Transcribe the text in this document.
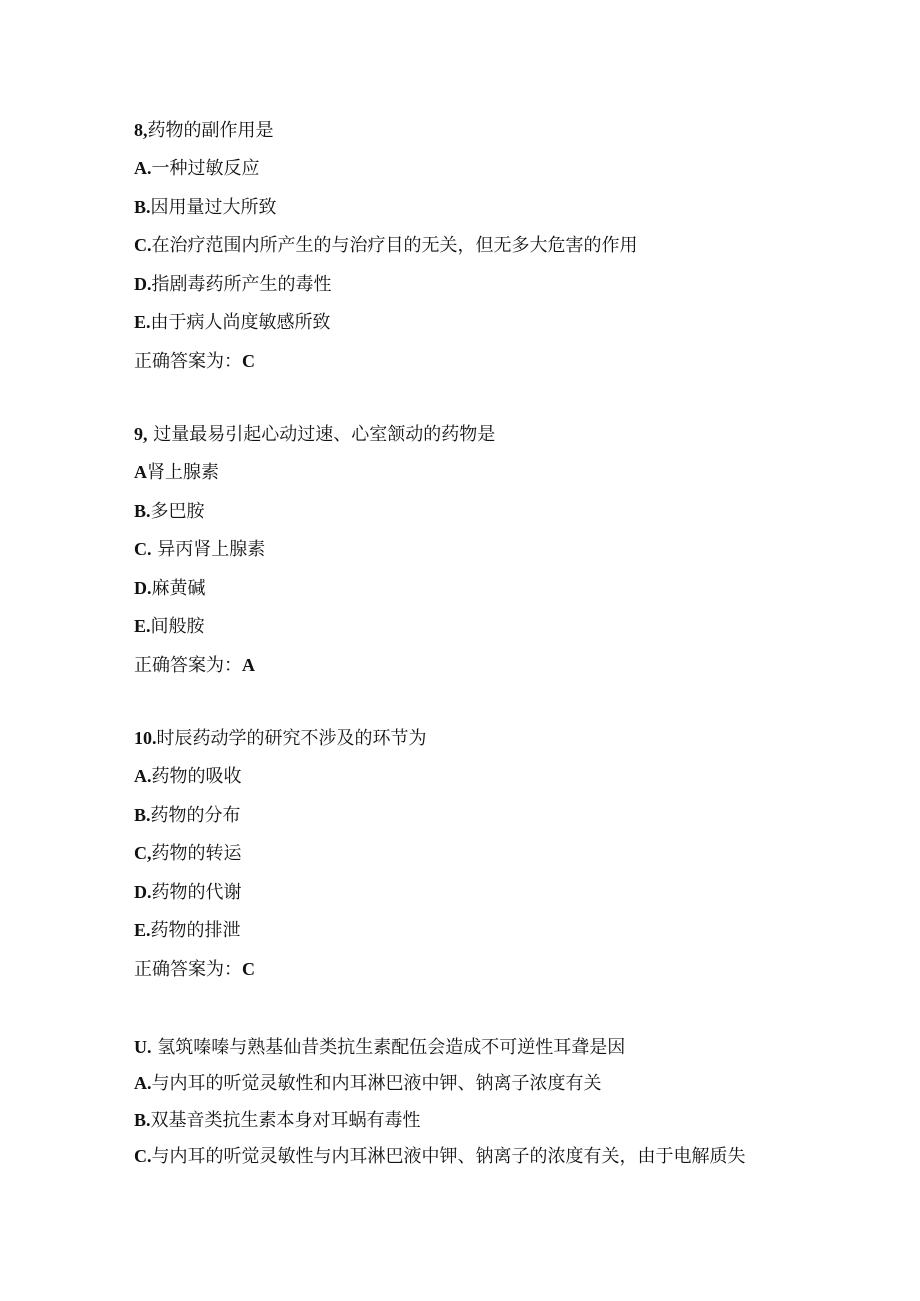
8,药物的副作用是
A.一种过敏反应
B.因用量过大所致
C.在治疗范围内所产生的与治疗目的无关，但无多大危害的作用
D.指剧毒药所产生的毒性
E.由于病人尚度敏感所致
正确答案为：C
9, 过量最易引起心动过速、心室颔动的药物是
A肾上腺素
B.多巴胺
C. 异丙肾上腺素
D.麻黄碱
E.间般胺
正确答案为：A
10.时辰药动学的研究不涉及的环节为
A.药物的吸收
B.药物的分布
C,药物的转运
D.药物的代谢
E.药物的排泄
正确答案为：C
U. 氢筑嗪嗪与熟基仙昔类抗生素配伍会造成不可逆性耳聋是因
A.与内耳的听觉灵敏性和内耳淋巴液中钾、钠离子浓度有关
B.双基音类抗生素本身对耳蜗有毒性
C.与内耳的听觉灵敏性与内耳淋巴液中钾、钠离子的浓度有关，由于电解质失
